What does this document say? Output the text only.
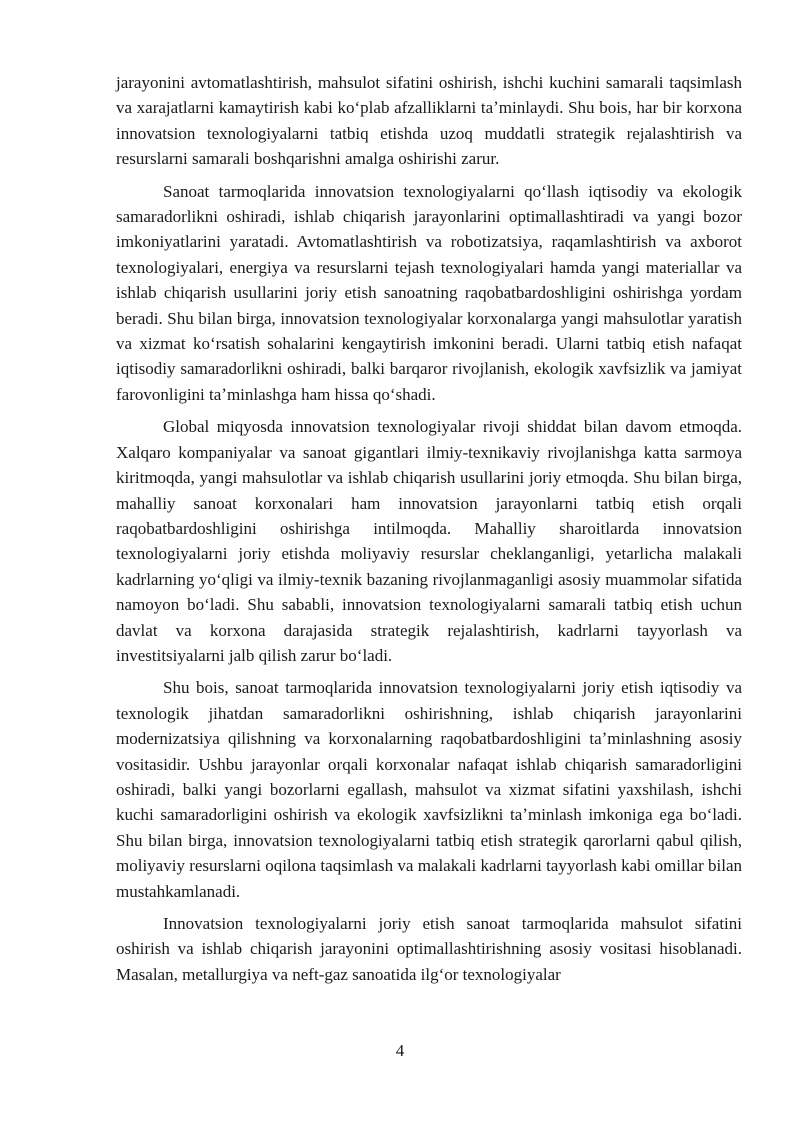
jarayonini avtomatlashtirish, mahsulot sifatini oshirish, ishchi kuchini samarali taqsimlash va xarajatlarni kamaytirish kabi koʻplab afzalliklarni taʼminlaydi. Shu bois, har bir korxona innovatsion texnologiyalarni tatbiq etishda uzoq muddatli strategik rejalashtirish va resurslarni samarali boshqarishni amalga oshirishi zarur.

Sanoat tarmoqlarida innovatsion texnologiyalarni qoʻllash iqtisodiy va ekologik samaradorlikni oshiradi, ishlab chiqarish jarayonlarini optimallashtiradi va yangi bozor imkoniyatlarini yaratadi. Avtomatlashtirish va robotizatsiya, raqamlashtirish va axborot texnologiyalari, energiya va resurslarni tejash texnologiyalari hamda yangi materiallar va ishlab chiqarish usullarini joriy etish sanoatning raqobatbardoshligini oshirishga yordam beradi. Shu bilan birga, innovatsion texnologiyalar korxonalarga yangi mahsulotlar yaratish va xizmat koʻrsatish sohalarini kengaytirish imkonini beradi. Ularni tatbiq etish nafaqat iqtisodiy samaradorlikni oshiradi, balki barqaror rivojlanish, ekologik xavfsizlik va jamiyat farovonligini taʼminlashga ham hissa qoʻshadi.

Global miqyosda innovatsion texnologiyalar rivoji shiddat bilan davom etmoqda. Xalqaro kompaniyalar va sanoat gigantlari ilmiy-texnikaviy rivojlanishga katta sarmoya kiritmoqda, yangi mahsulotlar va ishlab chiqarish usullarini joriy etmoqda. Shu bilan birga, mahalliy sanoat korxonalari ham innovatsion jarayonlarni tatbiq etish orqali raqobatbardoshligini oshirishga intilmoqda. Mahalliy sharoitlarda innovatsion texnologiyalarni joriy etishda moliyaviy resurslar cheklanganligi, yetarlicha malakali kadrlarning yoʻqligi va ilmiy-texnik bazaning rivojlanmaganligi asosiy muammolar sifatida namoyon boʻladi. Shu sababli, innovatsion texnologiyalarni samarali tatbiq etish uchun davlat va korxona darajasida strategik rejalashtirish, kadrlarni tayyorlash va investitsiyalarni jalb qilish zarur boʻladi.

Shu bois, sanoat tarmoqlarida innovatsion texnologiyalarni joriy etish iqtisodiy va texnologik jihatdan samaradorlikni oshirishning, ishlab chiqarish jarayonlarini modernizatsiya qilishning va korxonalarning raqobatbardoshligini taʼminlashning asosiy vositasidir. Ushbu jarayonlar orqali korxonalar nafaqat ishlab chiqarish samaradorligini oshiradi, balki yangi bozorlarni egallash, mahsulot va xizmat sifatini yaxshilash, ishchi kuchi samaradorligini oshirish va ekologik xavfsizlikni taʼminlash imkoniga ega boʻladi. Shu bilan birga, innovatsion texnologiyalarni tatbiq etish strategik qarorlarni qabul qilish, moliyaviy resurslarni oqilona taqsimlash va malakali kadrlarni tayyorlash kabi omillar bilan mustahkamlanadi.

Innovatsion texnologiyalarni joriy etish sanoat tarmoqlarida mahsulot sifatini oshirish va ishlab chiqarish jarayonini optimallashtirishning asosiy vositasi hisoblanadi. Masalan, metallurgiya va neft-gaz sanoatida ilgʻor texnologiyalar

4
